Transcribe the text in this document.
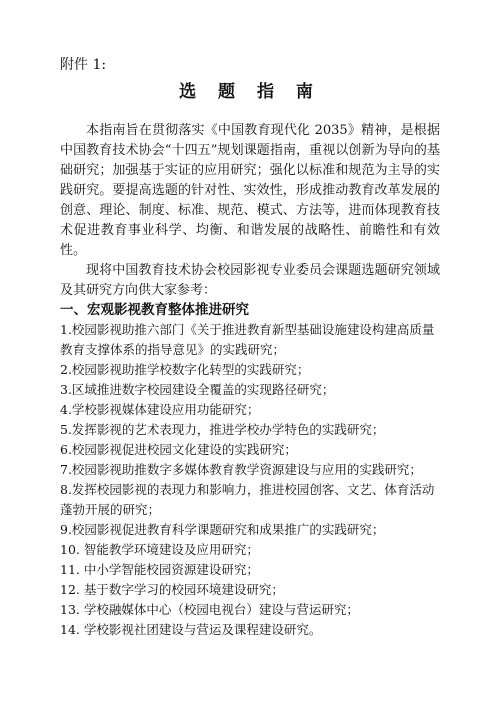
附件 1:
选 题 指 南

本指南旨在贯彻落实《中国教育现代化 2035》精神，是根据中国教育技术协会“十四五”规划课题指南，重视以创新为导向的基础研究；加强基于实证的应用研究；强化以标准和规范为主导的实践研究。要提高选题的针对性、实效性，形成推动教育改革发展的创意、理论、制度、标准、规范、模式、方法等，进而体现教育技术促进教育事业科学、均衡、和谐发展的战略性、前瞻性和有效性。

现将中国教育技术协会校园影视专业委员会课题选题研究领域及其研究方向供大家参考：

一、宏观影视教育整体推进研究

1.校园影视助推六部门《关于推进教育新型基础设施建设构建高质量教育支撑体系的指导意见》的实践研究；
2.校园影视助推学校数字化转型的实践研究；
3.区域推进数字校园建设全覆盖的实现路径研究；
4.学校影视媒体建设应用功能研究；
5.发挥影视的艺术表现力，推进学校办学特色的实践研究；
6.校园影视促进校园文化建设的实践研究；
7.校园影视助推数字多媒体教育教学资源建设与应用的实践研究；
8.发挥校园影视的表现力和影响力，推进校园创客、文艺、体育活动蓬勃开展的研究；
9.校园影视促进教育科学课题研究和成果推广的实践研究；
10. 智能教学环境建设及应用研究；
11. 中小学智能校园资源建设研究；
12. 基于数字学习的校园环境建设研究；
13. 学校融媒体中心（校园电视台）建设与营运研究；
14. 学校影视社团建设与营运及课程建设研究。
